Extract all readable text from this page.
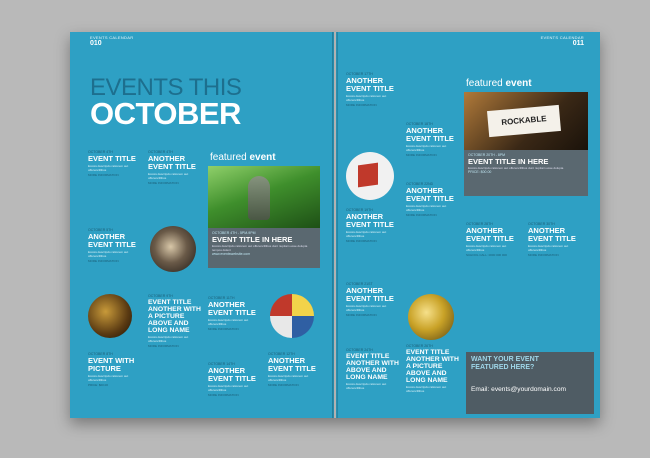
EVENTS CALENDAR
010
EVENTS THIS
OCTOBER
OCTOBER 4TH
EVENT TITLE
Ecosis descripdo rationem aut offerencillibus
MORE INFORMATION
OCTOBER 5TH
ANOTHER EVENT TITLE
Ecosis descripdo rationem aut offerencillibus
MORE INFORMATION
OCTOBER 8TH
EVENT WITH PICTURE
Ecosis descripdo rationem aut offerencillibus
PRICE: $00.00
OCTOBER 4TH
ANOTHER EVENT TITLE
Ecosis descripdo rationem aut offerencillibus
MORE INFORMATION
OCTOBER 9TH
EVENT TITLE ANOTHER WITH A PICTURE ABOVE AND LONG NAME
Ecosis descripdo rationem aut offerencillibus
MORE INFORMATION
featured event
OCTOBER 4TH - 5PM-9PM
EVENT TITLE IN HERE
Ecosis descripdo rationem aut offerencillibus dunt nuptiam esse dolupta tempos dolent
www.eventswebsite.com
OCTOBER 11TH
ANOTHER EVENT TITLE
Ecosis descripdo rationem aut offerencillibus
MORE INFORMATION
OCTOBER 14TH
ANOTHER EVENT TITLE
Ecosis descripdo rationem aut offerencillibus
MORE INFORMATION
OCTOBER 12TH
ANOTHER EVENT TITLE
Ecosis descripdo rationem aut offerencillibus
MORE INFORMATION
EVENTS CALENDAR
011
OCTOBER 17TH
ANOTHER EVENT TITLE
Ecosis descripdo rationem aut offerencillibus
MORE INFORMATION
OCTOBER 19TH
ANOTHER EVENT TITLE
Ecosis descripdo rationem aut offerencillibus
MORE INFORMATION
OCTOBER 21ST
ANOTHER EVENT TITLE
Ecosis descripdo rationem aut offerencillibus
MORE INFORMATION
OCTOBER 24TH
EVENT TITLE ANOTHER WITH ABOVE AND LONG NAME
Ecosis descripdo rationem aut offerencillibus
OCTOBER 18TH
ANOTHER EVENT TITLE
Ecosis descripdo rationem aut offerencillibus
MORE INFORMATION
OCTOBER 22ND
ANOTHER EVENT TITLE
Ecosis descripdo rationem aut offerencillibus
MORE INFORMATION
OCTOBER 26TH
EVENT TITLE ANOTHER WITH A PICTURE ABOVE AND LONG NAME
Ecosis descripdo rationem aut offerencillibus
featured event
ROCKABLE
OCTOBER 20TH - 8PM
EVENT TITLE IN HERE
Ecosis descripdo rationem aut offerencillibus dunt nuptiam esse dolupta
PRICE: $00.00
OCTOBER 28TH
ANOTHER EVENT TITLE
Ecosis descripdo rationem aut offerencillibus
SCHOOL CALL: 0000 000 000
OCTOBER 30TH
ANOTHER EVENT TITLE
Ecosis descripdo rationem aut offerencillibus
MORE INFORMATION
WANT YOUR EVENT
FEATURED HERE?
Email: events@yourdomain.com
